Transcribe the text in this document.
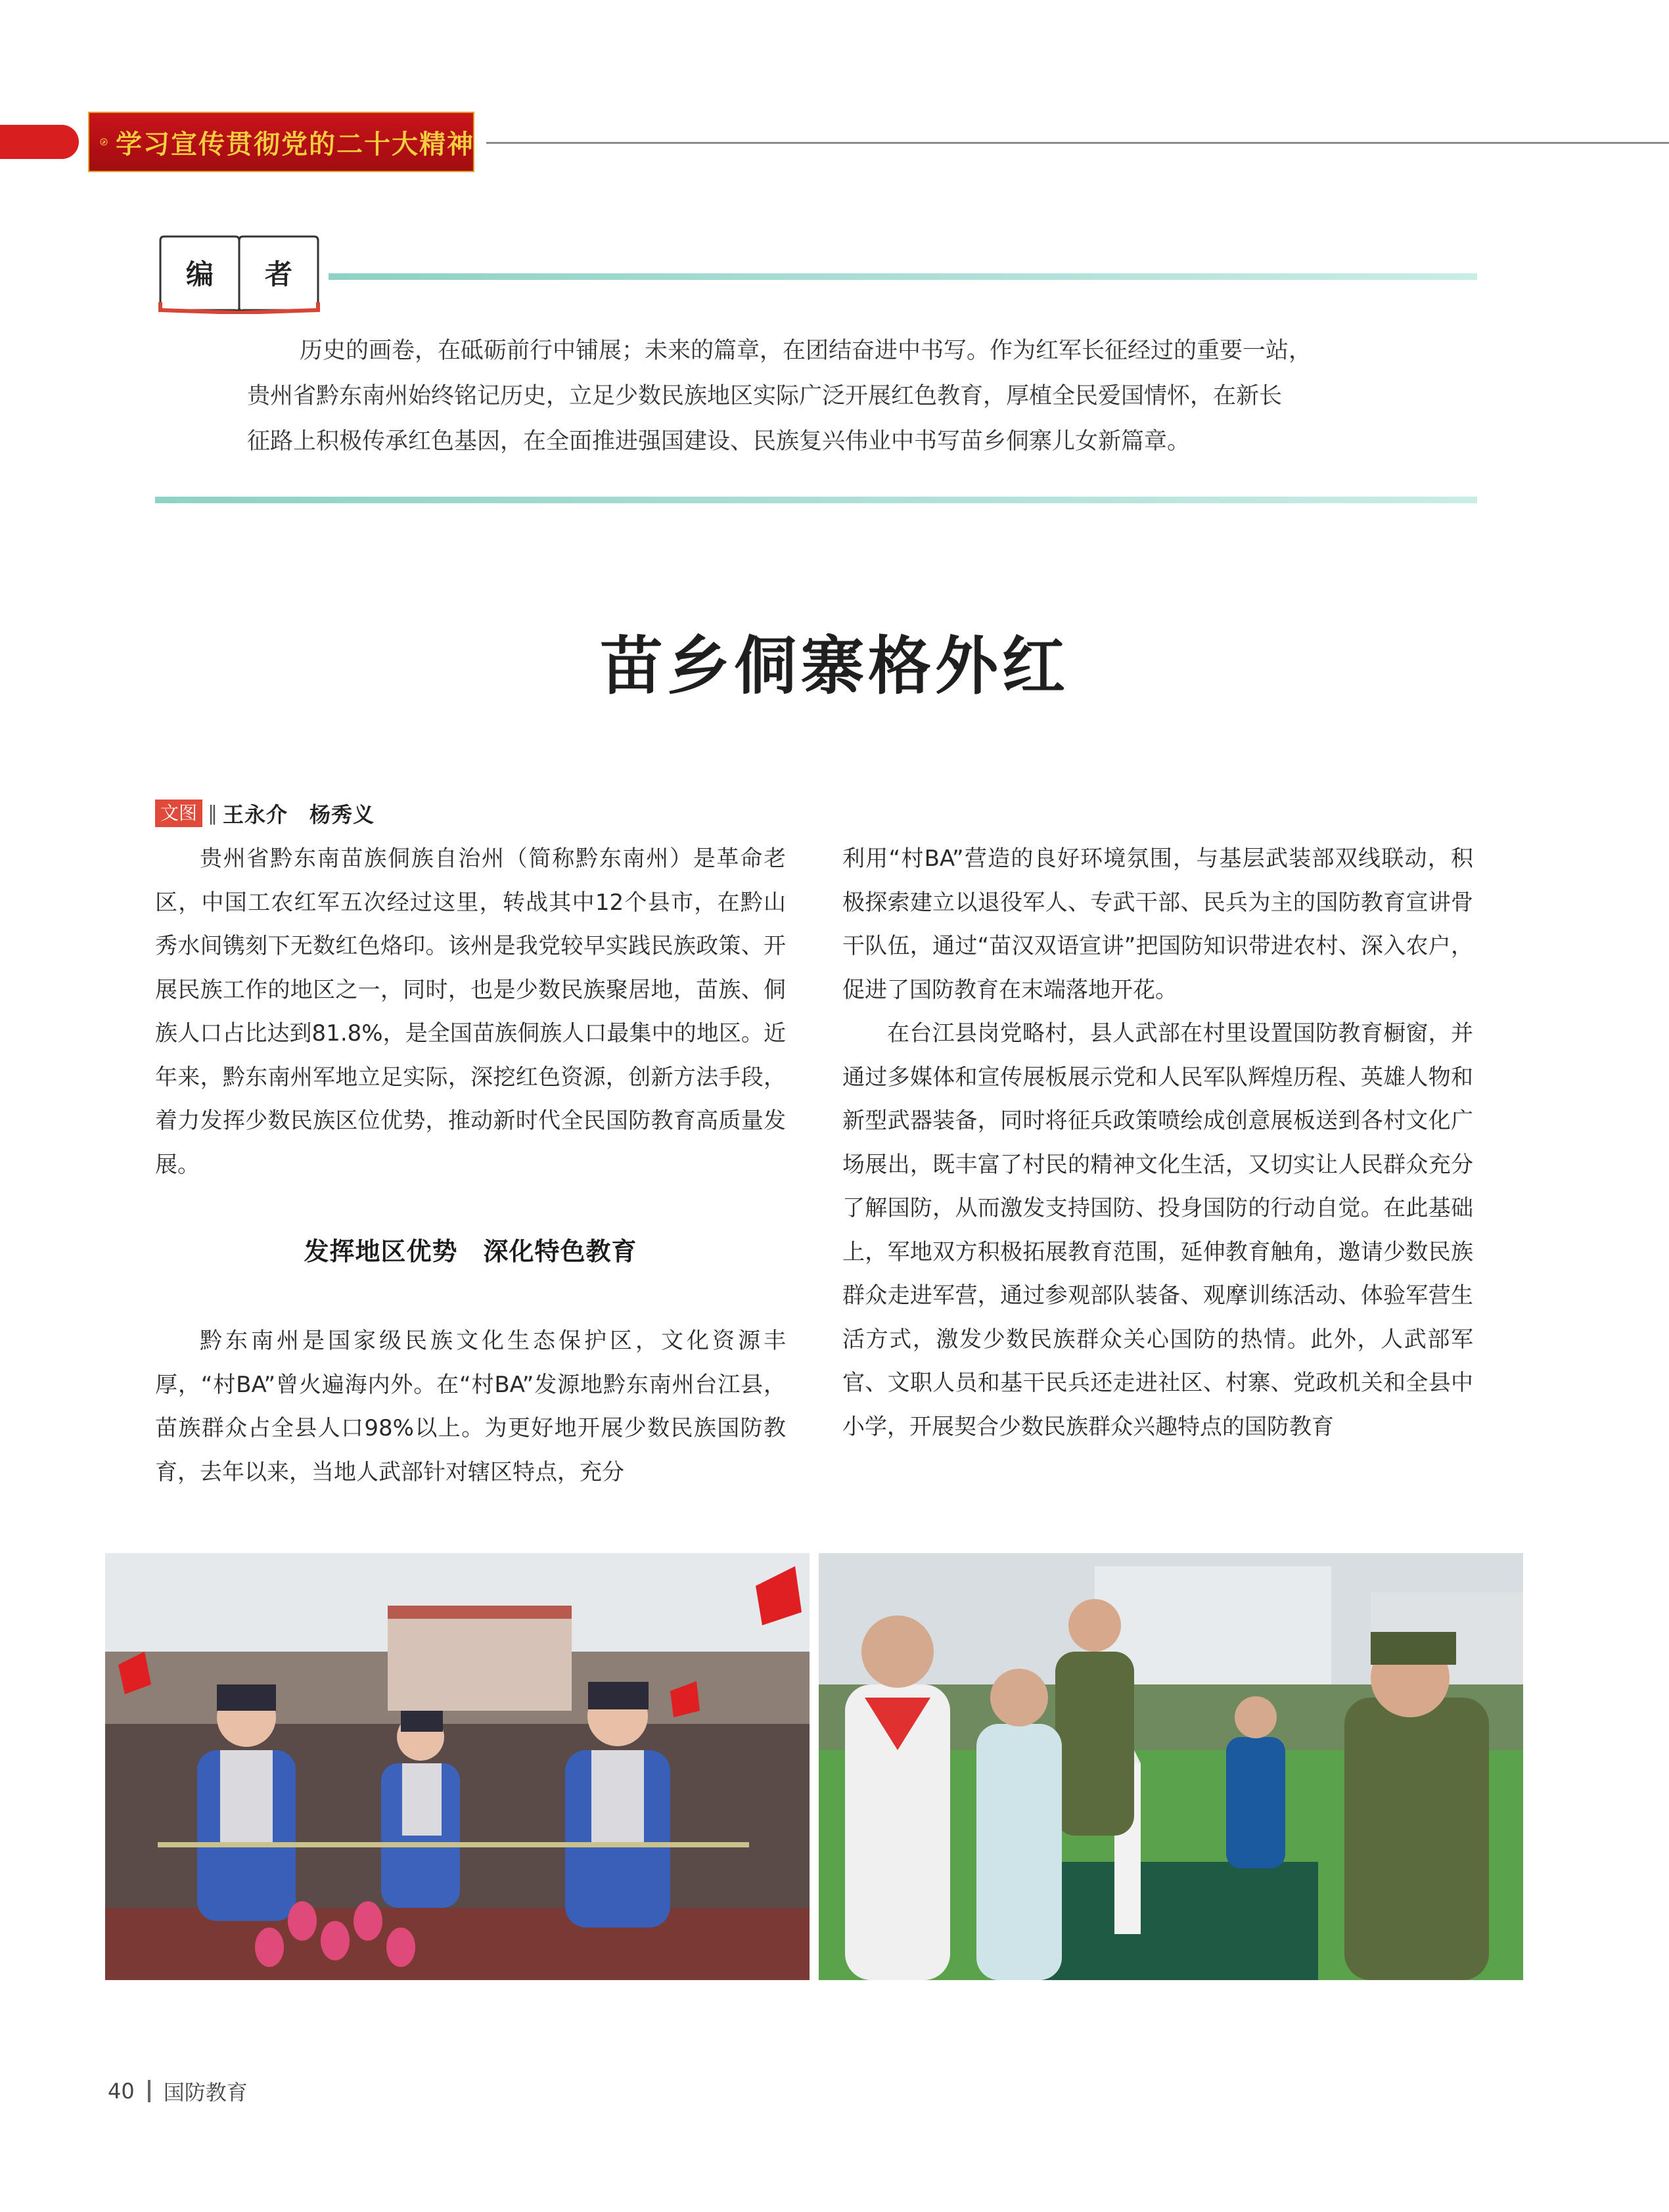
学习宣传贯彻党的二十大精神
编 者

历史的画卷，在砥砺前行中铺展；未来的篇章，在团结奋进中书写。作为红军长征经过的重要一站，

贵州省黔东南州始终铭记历史，立足少数民族地区实际广泛开展红色教育，厚植全民爱国情怀，在新长

征路上积极传承红色基因，在全面推进强国建设、民族复兴伟业中书写苗乡侗寨儿女新篇章。

苗乡侗寨格外红
文图 ‖ 王永介　杨秀义

贵州省黔东南苗族侗族自治州（简称黔东南州）是革命老区，中国工农红军五次经过这里，转战其中12个县市，在黔山秀水间镌刻下无数红色烙印。该州是我党较早实践民族政策、开展民族工作的地区之一，同时，也是少数民族聚居地，苗族、侗族人口占比达到81.8%，是全国苗族侗族人口最集中的地区。近年来，黔东南州军地立足实际，深挖红色资源，创新方法手段，着力发挥少数民族区位优势，推动新时代全民国防教育高质量发展。

发挥地区优势　深化特色教育

黔东南州是国家级民族文化生态保护区，文化资源丰厚，“村BA”曾火遍海内外。在“村BA”发源地黔东南州台江县，苗族群众占全县人口98%以上。为更好地开展少数民族国防教育，去年以来，当地人武部针对辖区特点，充分

利用“村BA”营造的良好环境氛围，与基层武装部双线联动，积极探索建立以退役军人、专武干部、民兵为主的国防教育宣讲骨干队伍，通过“苗汉双语宣讲”把国防知识带进农村、深入农户，促进了国防教育在末端落地开花。

在台江县岗党略村，县人武部在村里设置国防教育橱窗，并通过多媒体和宣传展板展示党和人民军队辉煌历程、英雄人物和新型武器装备，同时将征兵政策喷绘成创意展板送到各村文化广场展出，既丰富了村民的精神文化生活，又切实让人民群众充分了解国防，从而激发支持国防、投身国防的行动自觉。在此基础上，军地双方积极拓展教育范围，延伸教育触角，邀请少数民族群众走进军营，通过参观部队装备、观摩训练活动、体验军营生活方式，激发少数民族群众关心国防的热情。此外，人武部军官、文职人员和基干民兵还走进社区、村寨、党政机关和全县中小学，开展契合少数民族群众兴趣特点的国防教育

40 国防教育
